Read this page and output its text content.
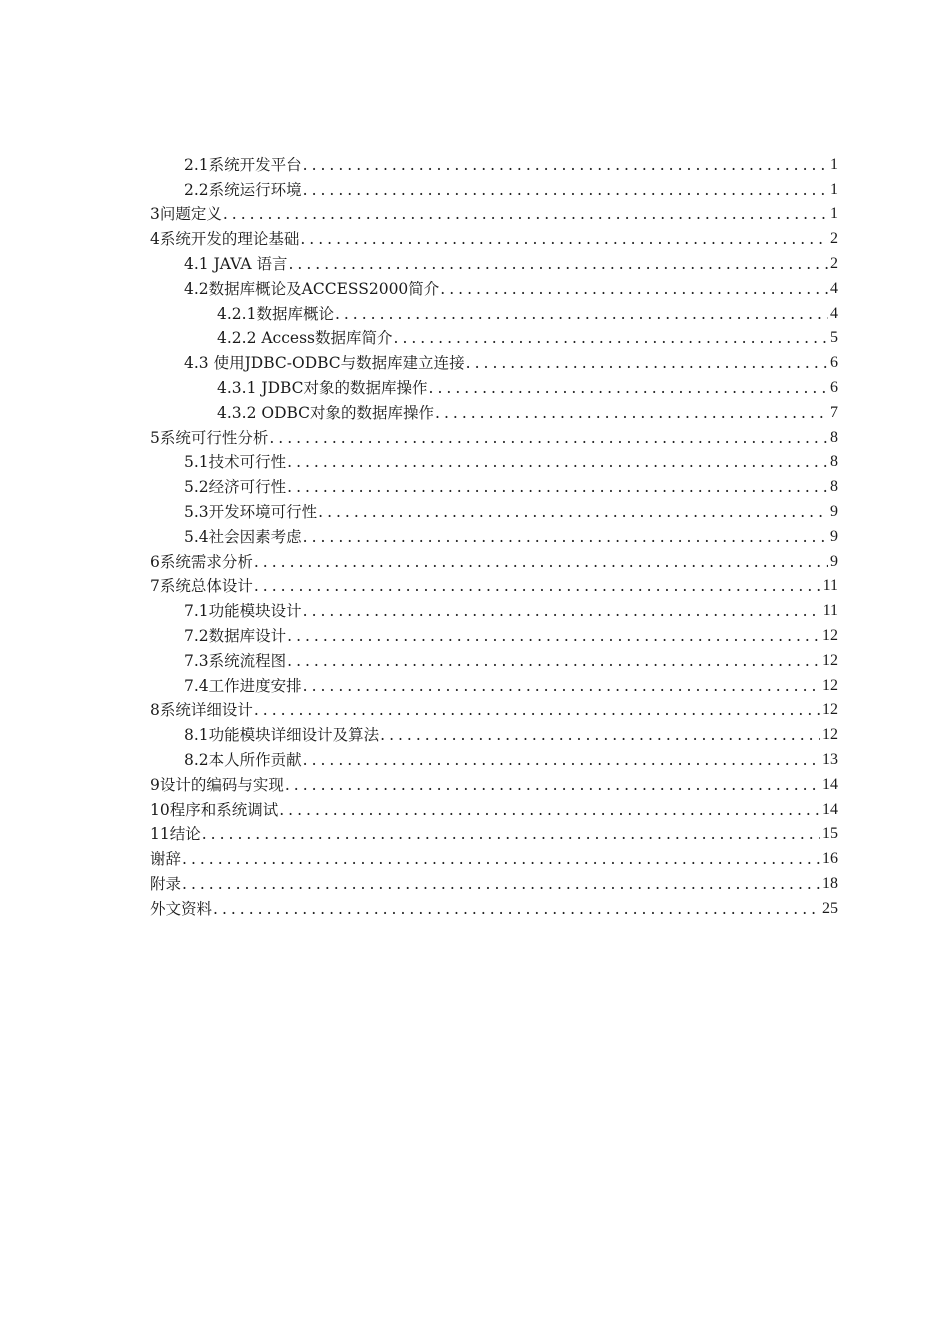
2.1系统开发平台 .....	1
2.2系统运行环境 .....	1
3问题定义 .....	1
4系统开发的理论基础 .....	2
4.1 JAVA 语言 .....	2
4.2数据库概论及ACCESS2000简介 .....	4
4.2.1数据库概论 .....	4
4.2.2 Access数据库简介 .....	5
4.3 使用JDBC-ODBC与数据库建立连接 .....	6
4.3.1 JDBC对象的数据库操作 .....	6
4.3.2 ODBC对象的数据库操作 .....	7
5系统可行性分析 .....	8
5.1技术可行性 .....	8
5.2经济可行性 .....	8
5.3开发环境可行性 .....	9
5.4社会因素考虑 .....	9
6系统需求分析 .....	9
7系统总体设计 .....	11
7.1功能模块设计 .....	11
7.2数据库设计 .....	12
7.3系统流程图 .....	12
7.4工作进度安排 .....	12
8系统详细设计 .....	12
8.1功能模块详细设计及算法 .....	12
8.2本人所作贡献 .....	13
9设计的编码与实现 .....	14
10程序和系统调试 .....	14
11结论 .....	15
谢辞 .....	16
附录 .....	18
外文资料 .....	25
